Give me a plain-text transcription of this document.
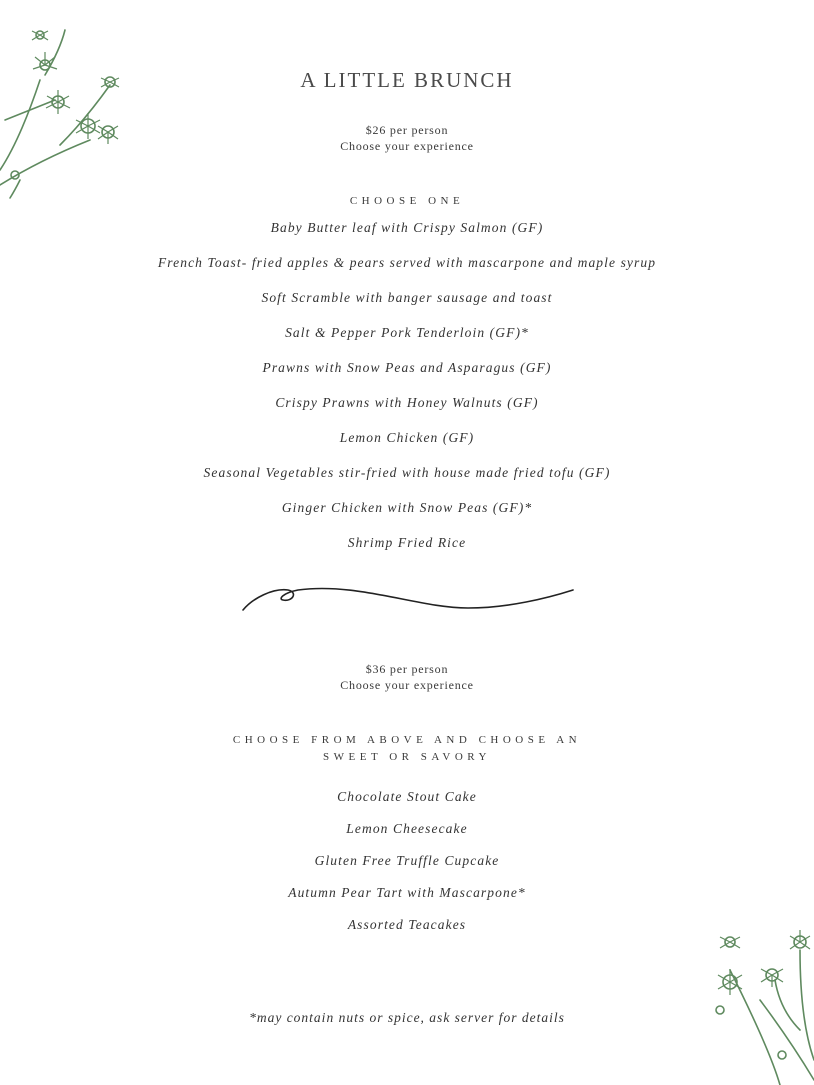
A LITTLE BRUNCH
$26 per person
Choose your experience
CHOOSE ONE
Baby Butter leaf with Crispy Salmon (GF)
French Toast- fried apples & pears served with mascarpone and maple syrup
Soft Scramble with banger sausage and toast
Salt & Pepper Pork Tenderloin (GF)*
Prawns with Snow Peas and Asparagus (GF)
Crispy Prawns with Honey Walnuts (GF)
Lemon Chicken (GF)
Seasonal Vegetables stir-fried with house made fried tofu (GF)
Ginger Chicken with Snow Peas (GF)*
Shrimp Fried Rice
$36 per person
Choose your experience
CHOOSE FROM ABOVE AND CHOOSE AN
SWEET OR SAVORY
Chocolate Stout Cake
Lemon Cheesecake
Gluten Free Truffle Cupcake
Autumn Pear Tart with Mascarpone*
Assorted Teacakes
*may contain nuts or spice, ask server for details
